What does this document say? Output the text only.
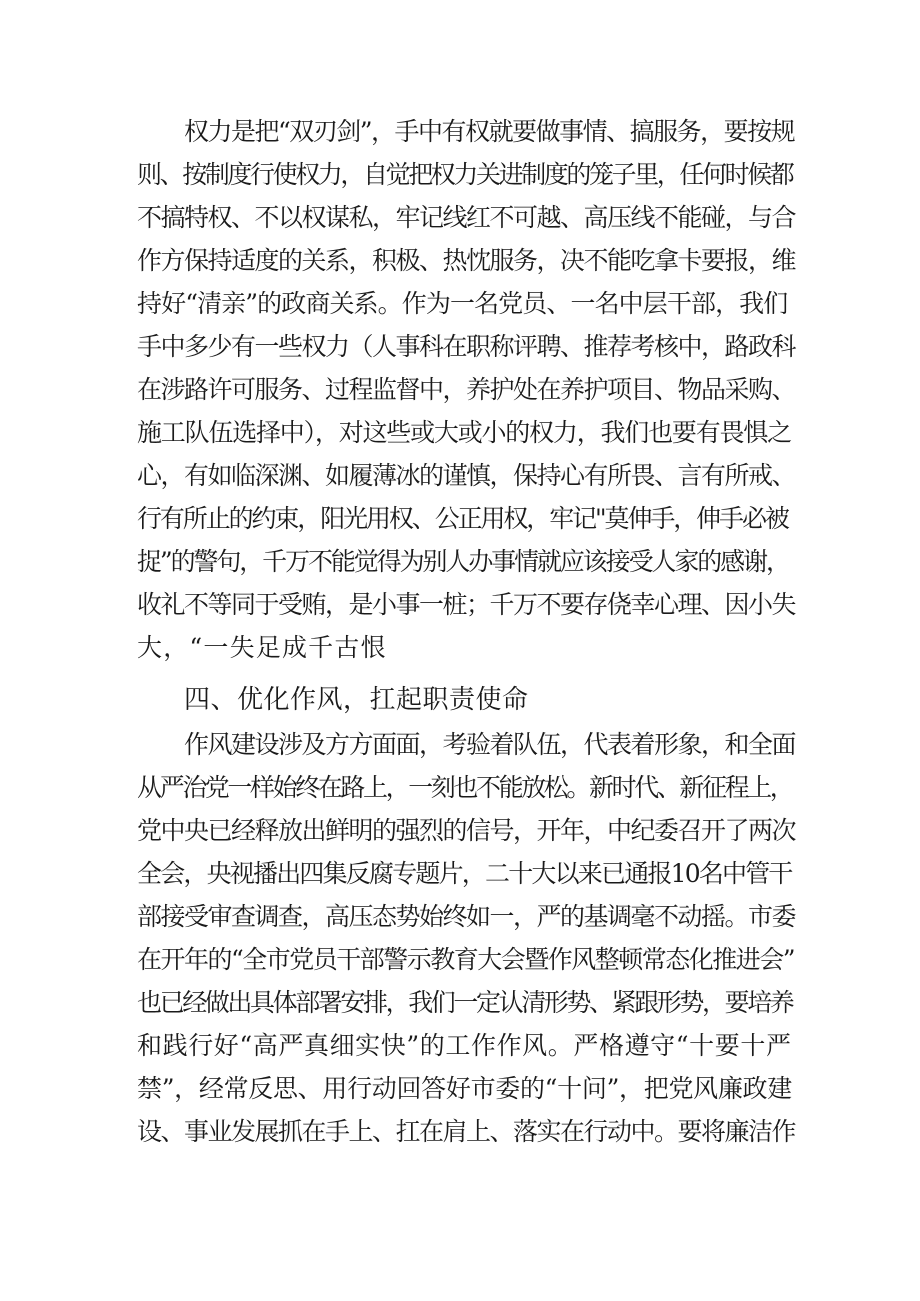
权力是把“双刃剑”，手中有权就要做事情、搞服务，要按规
则、按制度行使权力，自觉把权力关进制度的笼子里，任何时候都
不搞特权、不以权谋私，牢记线红不可越、高压线不能碰，与合
作方保持适度的关系，积极、热忱服务，决不能吃拿卡要报，维
持好“清亲”的政商关系。作为一名党员、一名中层干部，我们
手中多少有一些权力（人事科在职称评聘、推荐考核中，路政科
在涉路许可服务、过程监督中，养护处在养护项目、物品采购、
施工队伍选择中），对这些或大或小的权力，我们也要有畏惧之
心，有如临深渊、如履薄冰的谨慎，保持心有所畏、言有所戒、
行有所止的约束，阳光用权、公正用权，牢记''莫伸手，伸手必被
捉”的警句，千万不能觉得为别人办事情就应该接受人家的感谢，
收礼不等同于受贿，是小事一桩；千万不要存侥幸心理、因小失
大，“一失足成千古恨
四、优化作风，扛起职责使命
作风建设涉及方方面面，考验着队伍，代表着形象，和全面
从严治党一样始终在路上，一刻也不能放松。新时代、新征程上，
党中央已经释放出鲜明的强烈的信号，开年，中纪委召开了两次
全会，央视播出四集反腐专题片，二十大以来已通报10名中管干
部接受审查调查，高压态势始终如一，严的基调毫不动摇。市委
在开年的“全市党员干部警示教育大会暨作风整顿常态化推进会”
也已经做出具体部署安排，我们一定认清形势、紧跟形势，要培养
和践行好“高严真细实快”的工作作风。严格遵守“十要十严
禁”，经常反思、用行动回答好市委的“十问”，把党风廉政建
设、事业发展抓在手上、扛在肩上、落实在行动中。要将廉洁作
